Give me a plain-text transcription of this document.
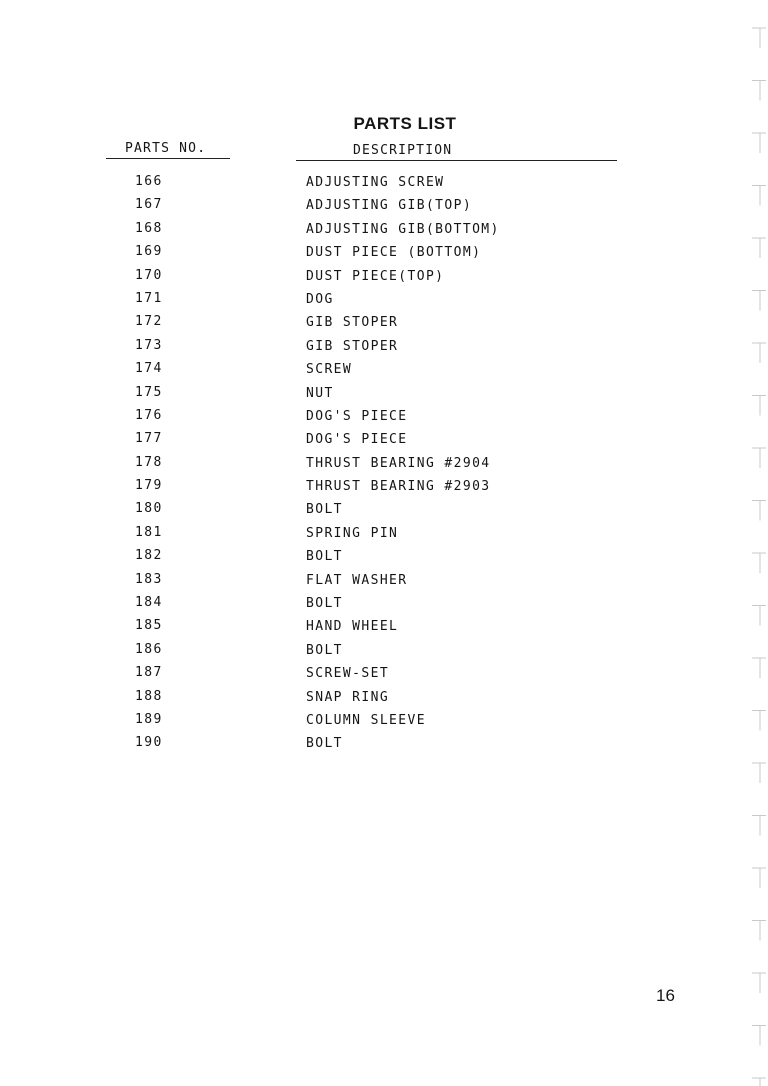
PARTS LIST
PARTS NO.	DESCRIPTION
166	ADJUSTING SCREW
167	ADJUSTING GIB(TOP)
168	ADJUSTING GIB(BOTTOM)
169	DUST PIECE (BOTTOM)
170	DUST PIECE(TOP)
171	DOG
172	GIB STOPER
173	GIB STOPER
174	SCREW
175	NUT
176	DOG'S PIECE
177	DOG'S PIECE
178	THRUST BEARING #2904
179	THRUST BEARING #2903
180	BOLT
181	SPRING PIN
182	BOLT
183	FLAT WASHER
184	BOLT
185	HAND WHEEL
186	BOLT
187	SCREW-SET
188	SNAP RING
189	COLUMN SLEEVE
190	BOLT
16
